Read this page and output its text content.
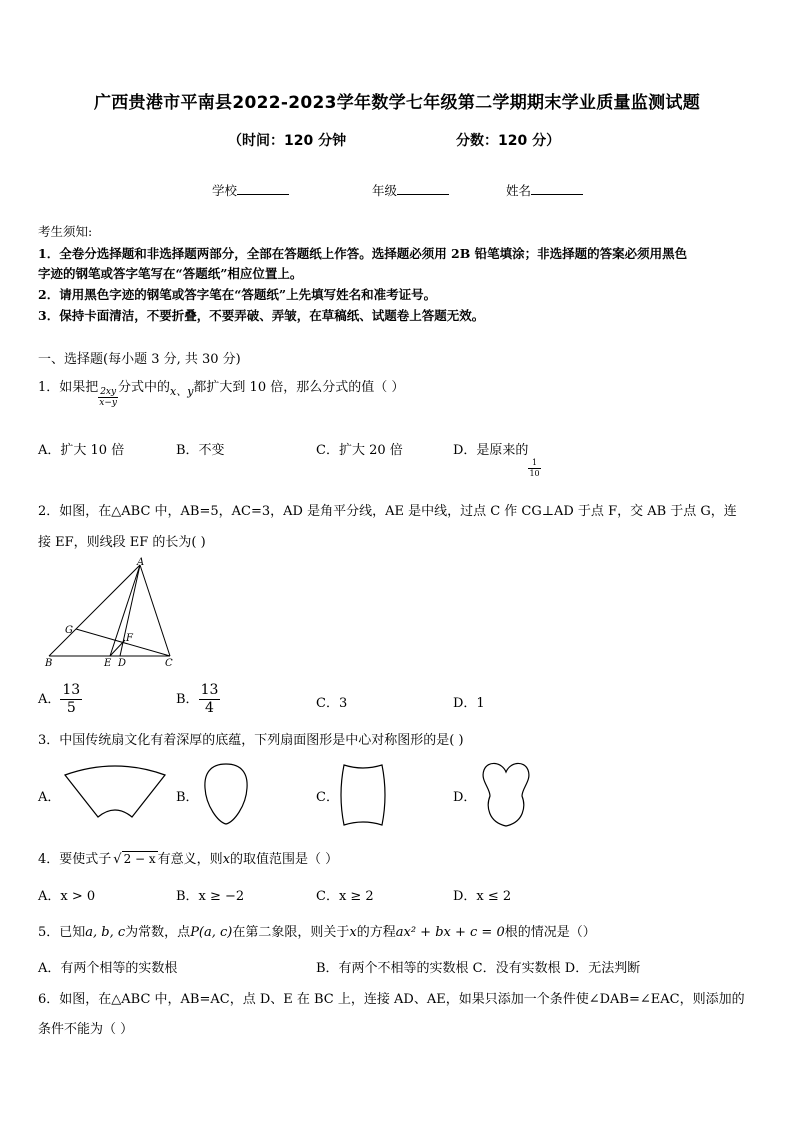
广西贵港市平南县2022-2023学年数学七年级第二学期期末学业质量监测试题
（时间：120 分钟	分数：120 分）
学校	年级	姓名
考生须知:
1．全卷分选择题和非选择题两部分，全部在答题纸上作答。选择题必须用 2B 铅笔填涂；非选择题的答案必须用黑色
字迹的钢笔或答字笔写在“答题纸”相应位置上。
2．请用黑色字迹的钢笔或答字笔在“答题纸”上先填写姓名和准考证号。
3．保持卡面清洁，不要折叠，不要弄破、弄皱，在草稿纸、试题卷上答题无效。
一、选择题(每小题 3 分, 共 30 分)
1．如果把 $\frac{2xy}{x-y}$ 分式中的$_{x、y}$都扩大到 10 倍，那么分式的值（ ）
A．扩大 10 倍	B．不变	C．扩大 20 倍	D．是原来的
$\frac{1}{10}$
2．如图，在△ABC 中，AB=5，AC=3，AD 是角平分线，AE 是中线，过点 C 作 CG⊥AD 于点 F，交 AB 于点 G，连
接 EF，则线段 EF 的长为( )
A
B	C
D
E
F
G
A． $\frac{13}{5}$	B． $\frac{13}{4}$	C．3	D．1
3．中国传统扇文化有着深厚的底蕴，下列扇面图形是中心对称图形的是( )
A．	B．	C．	D．
4．要使式子 √ 2 − x 有意义，则x的取值范围是（ ）
A．x > 0	B．x ≥ −2	C．x ≥ 2	D．x ≤ 2
5．已知a, b, c为常数，点P(a, c)在第二象限，则关于x的方程ax² + bx + c = 0根的情况是（）
A．有两个相等的实数根	B．有两个不相等的实数根 C．没有实数根 D．无法判断
6．如图，在△ABC 中，AB=AC，点 D、E 在 BC 上，连接 AD、AE，如果只添加一个条件使∠DAB=∠EAC，则添加的
条件不能为（ ）
